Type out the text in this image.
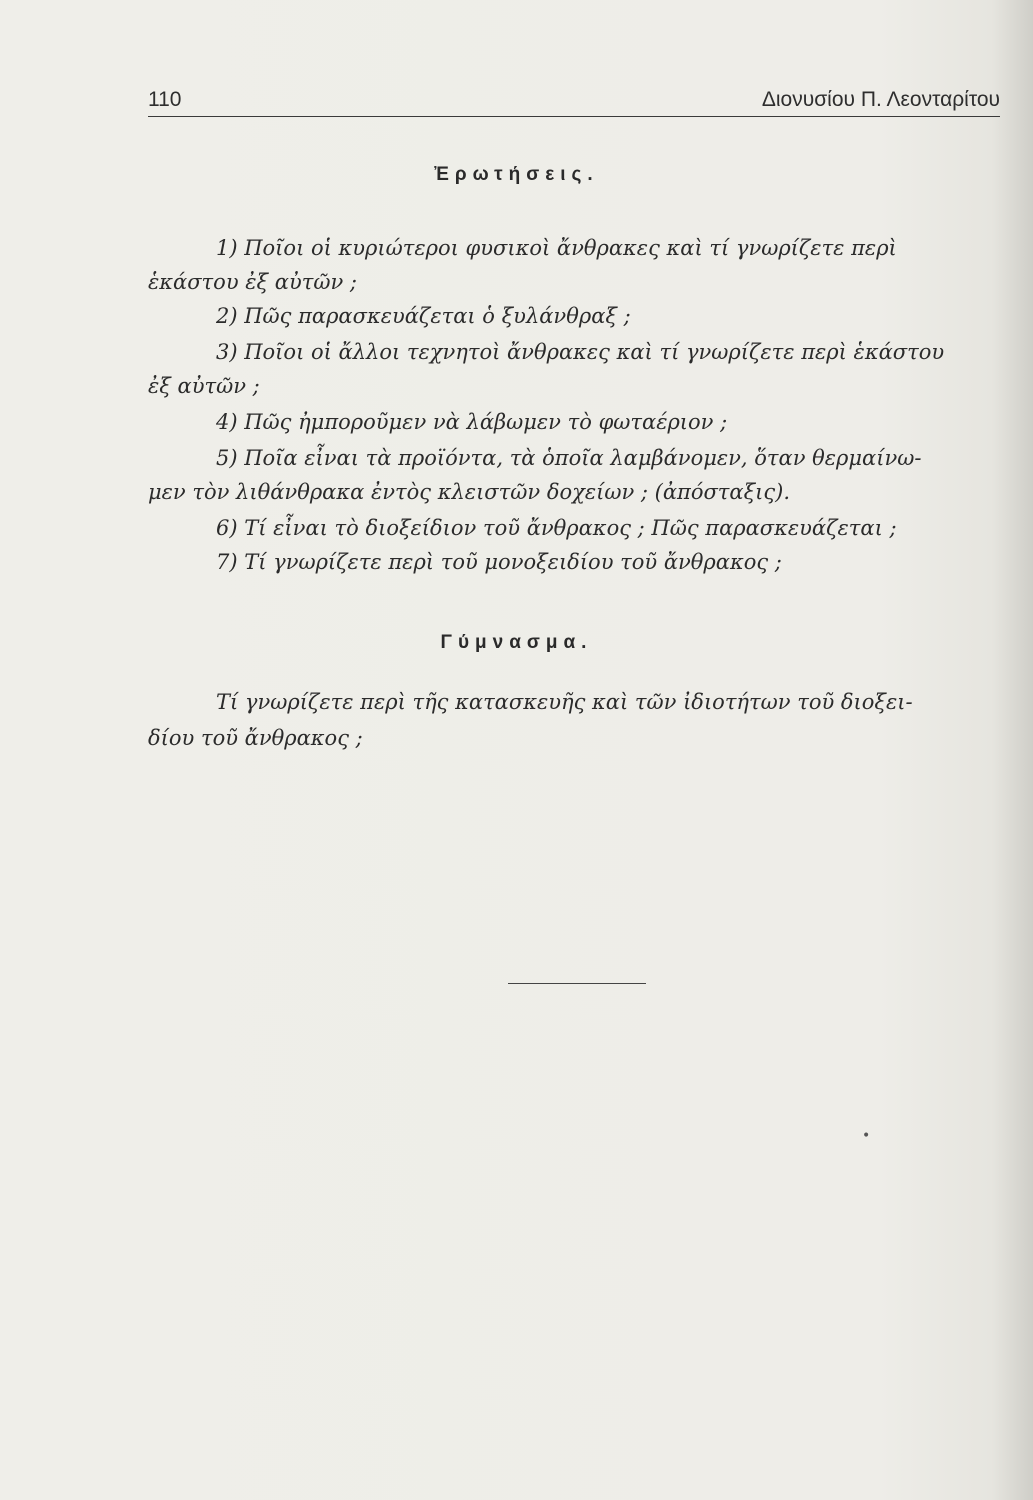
110	Διονυσίου Π. Λεονταρίτου
Ἐρωτήσεις.
1) Ποῖοι οἱ κυριώτεροι φυσικοὶ ἄνθρακες καὶ τί γνωρίζετε περὶ
ἑκάστου ἐξ αὐτῶν ;
2) Πῶς παρασκευάζεται ὁ ξυλάνθραξ ;
3) Ποῖοι οἱ ἄλλοι τεχνητοὶ ἄνθρακες καὶ τί γνωρίζετε περὶ ἑκάστου
ἐξ αὐτῶν ;
4) Πῶς ἠμποροῦμεν νὰ λάβωμεν τὸ φωταέριον ;
5) Ποῖα εἶναι τὰ προϊόντα, τὰ ὁποῖα λαμβάνομεν, ὅταν θερμαίνω-
μεν τὸν λιθάνθρακα ἐντὸς κλειστῶν δοχείων ; (ἀπόσταξις).
6) Τί εἶναι τὸ διοξείδιον τοῦ ἄνθρακος ; Πῶς παρασκευάζεται ;
7) Τί γνωρίζετε περὶ τοῦ μονοξειδίου τοῦ ἄνθρακος ;
Γύμνασμα.
Τί γνωρίζετε περὶ τῆς κατασκευῆς καὶ τῶν ἰδιοτήτων τοῦ διοξει-
δίου τοῦ ἄνθρακος ;
•
